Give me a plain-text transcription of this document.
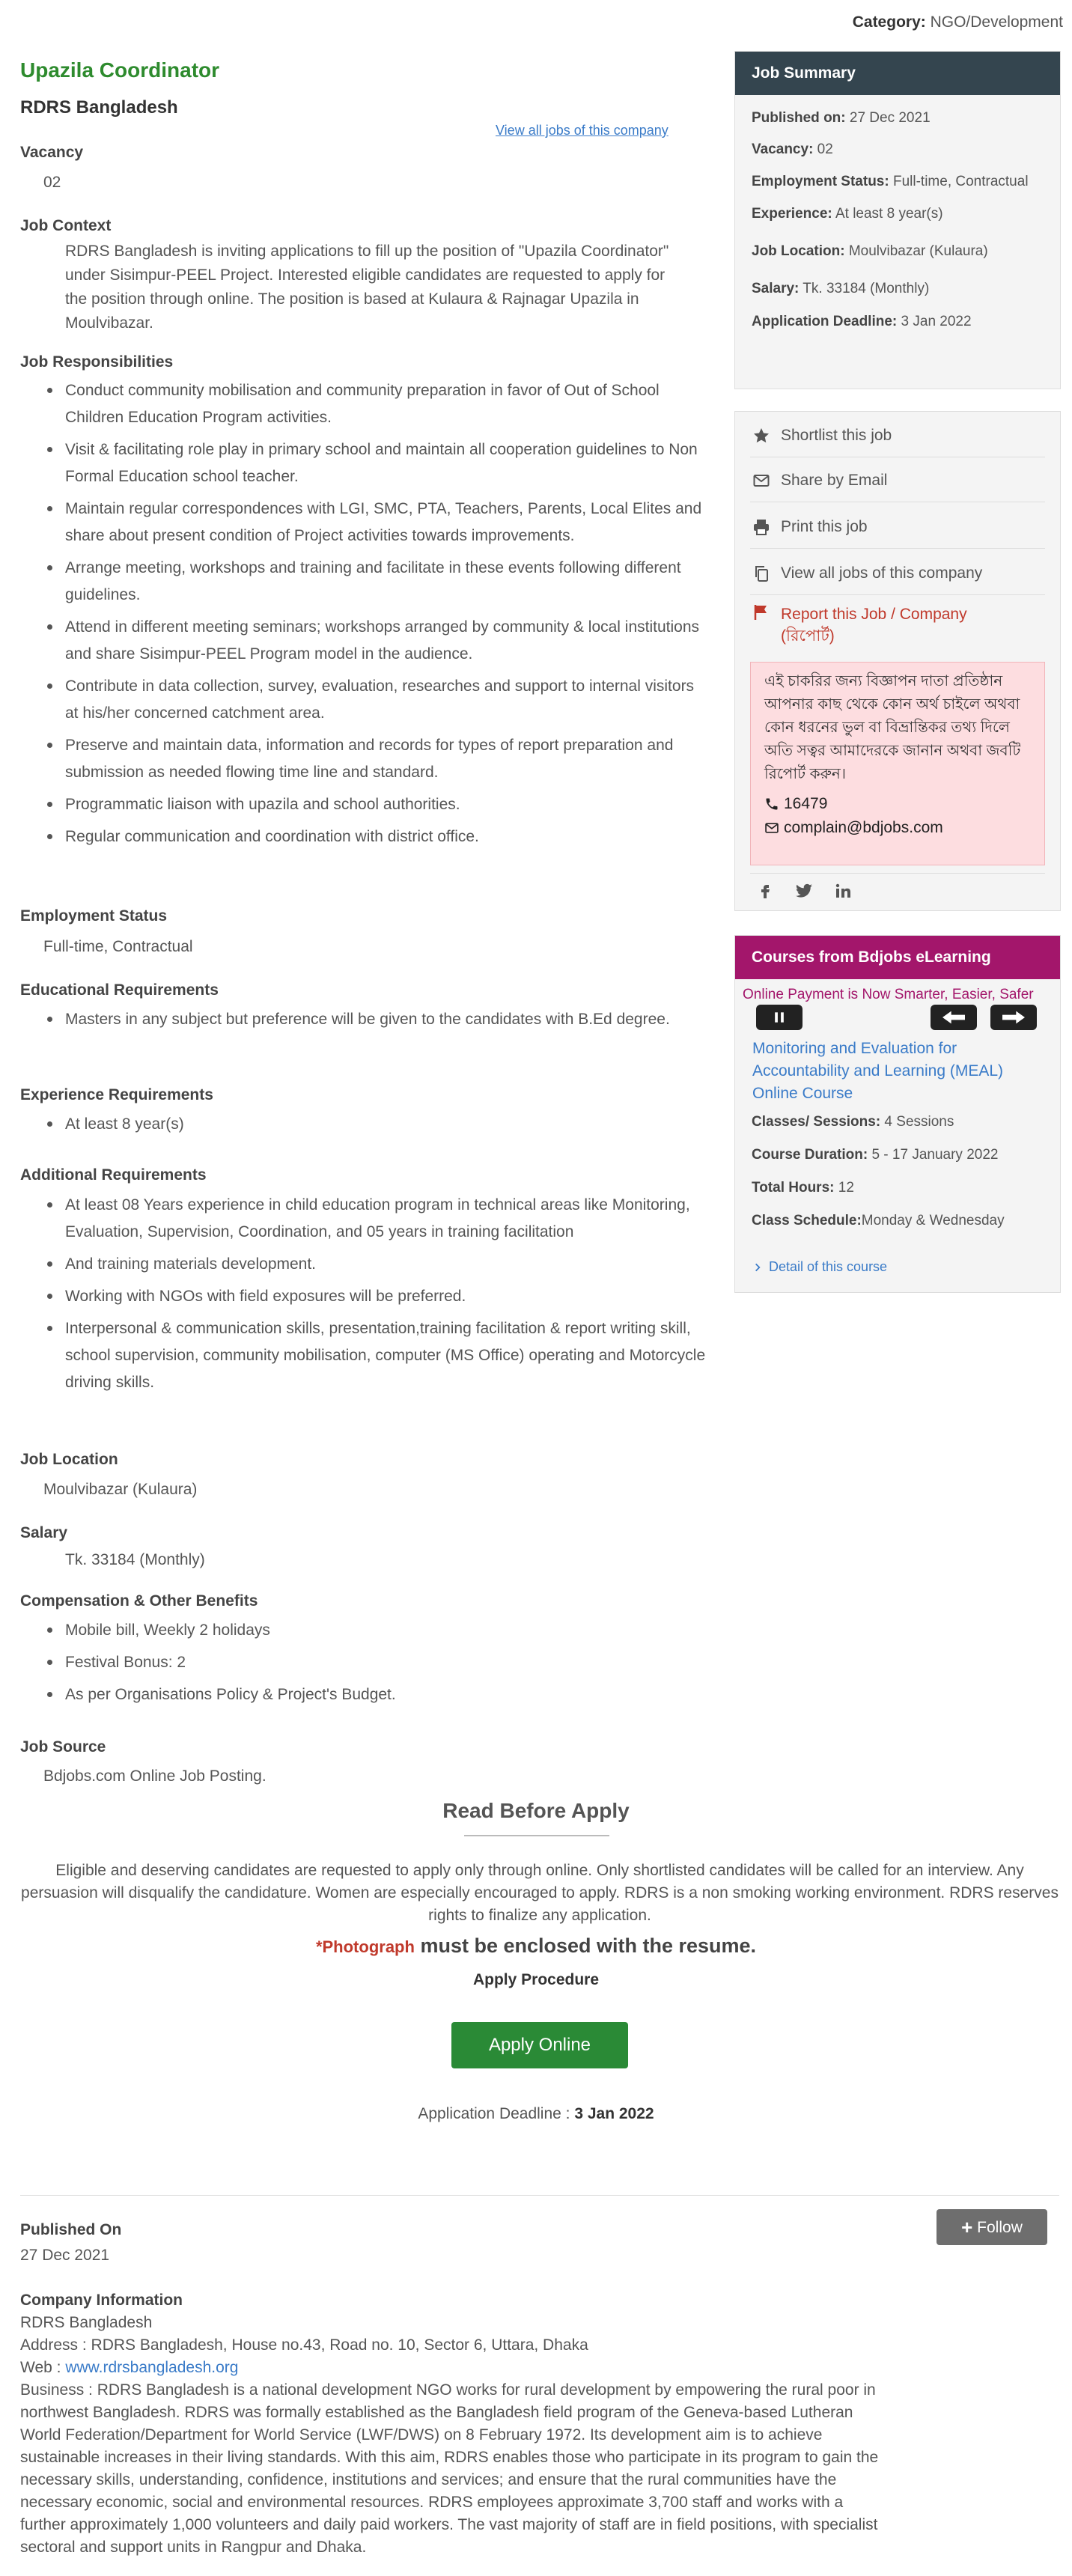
Category: NGO/Development
Upazila Coordinator
RDRS Bangladesh
View all jobs of this company
Vacancy
02
Job Context
RDRS Bangladesh is inviting applications to fill up the position of "Upazila Coordinator" under Sisimpur-PEEL Project. Interested eligible candidates are requested to apply for the position through online. The position is based at Kulaura & Rajnagar Upazila in Moulvibazar.
Job Responsibilities
Conduct community mobilisation and community preparation in favor of Out of School Children Education Program activities.
Visit & facilitating role play in primary school and maintain all cooperation guidelines to Non Formal Education school teacher.
Maintain regular correspondences with LGI, SMC, PTA, Teachers, Parents, Local Elites and share about present condition of Project activities towards improvements.
Arrange meeting, workshops and training and facilitate in these events following different guidelines.
Attend in different meeting seminars; workshops arranged by community & local institutions and share Sisimpur-PEEL Program model in the audience.
Contribute in data collection, survey, evaluation, researches and support to internal visitors at his/her concerned catchment area.
Preserve and maintain data, information and records for types of report preparation and submission as needed flowing time line and standard.
Programmatic liaison with upazila and school authorities.
Regular communication and coordination with district office.
Employment Status
Full-time, Contractual
Educational Requirements
Masters in any subject but preference will be given to the candidates with B.Ed degree.
Experience Requirements
At least 8 year(s)
Additional Requirements
At least 08 Years experience in child education program in technical areas like Monitoring, Evaluation, Supervision, Coordination, and 05 years in training facilitation
And training materials development.
Working with NGOs with field exposures will be preferred.
Interpersonal & communication skills, presentation,training facilitation & report writing skill, school supervision, community mobilisation, computer (MS Office) operating and Motorcycle driving skills.
Job Location
Moulvibazar (Kulaura)
Salary
Tk. 33184 (Monthly)
Compensation & Other Benefits
Mobile bill, Weekly 2 holidays
Festival Bonus: 2
As per Organisations Policy & Project's Budget.
Job Source
Bdjobs.com Online Job Posting.
Read Before Apply
Eligible and deserving candidates are requested to apply only through online. Only shortlisted candidates will be called for an interview. Any persuasion will disqualify the candidature. Women are especially encouraged to apply. RDRS is a non smoking working environment. RDRS reserves rights to finalize any application.
*Photograph must be enclosed with the resume.
Apply Procedure
Apply Online
Application Deadline : 3 Jan 2022
Published On
27 Dec 2021
+ Follow
Company Information
RDRS Bangladesh
Address : RDRS Bangladesh, House no.43, Road no. 10, Sector 6, Uttara, Dhaka
Web : www.rdrsbangladesh.org
Business : RDRS Bangladesh is a national development NGO works for rural development by empowering the rural poor in northwest Bangladesh. RDRS was formally established as the Bangladesh field program of the Geneva-based Lutheran World Federation/Department for World Service (LWF/DWS) on 8 February 1972. Its development aim is to achieve sustainable increases in their living standards. With this aim, RDRS enables those who participate in its program to gain the necessary skills, understanding, confidence, institutions and services; and ensure that the rural communities have the necessary economic, social and environmental resources. RDRS employees approximate 3,700 staff and works with a further approximately 1,000 volunteers and daily paid workers. The vast majority of staff are in field positions, with specialist sectoral and support units in Rangpur and Dhaka.
Job Summary
Published on: 27 Dec 2021
Vacancy: 02
Employment Status: Full-time, Contractual
Experience: At least 8 year(s)
Job Location: Moulvibazar (Kulaura)
Salary: Tk. 33184 (Monthly)
Application Deadline: 3 Jan 2022
Shortlist this job
Share by Email
Print this job
View all jobs of this company
Report this Job / Company
(রিপোর্ট)
এই চাকরির জন্য বিজ্ঞাপন দাতা প্রতিষ্ঠান আপনার কাছ থেকে কোন অর্থ চাইলে অথবা কোন ধরনের ভুল বা বিভ্রান্তিকর তথ্য দিলে অতি সত্বর আমাদেরকে জানান অথবা জবটি রিপোর্ট করুন।
16479
complain@bdjobs.com
Courses from Bdjobs eLearning
Online Payment is Now Smarter, Easier, Safer
Monitoring and Evaluation for Accountability and Learning (MEAL) Online Course
Classes/ Sessions: 4 Sessions
Course Duration: 5 - 17 January 2022
Total Hours: 12
Class Schedule:Monday & Wednesday
Detail of this course
